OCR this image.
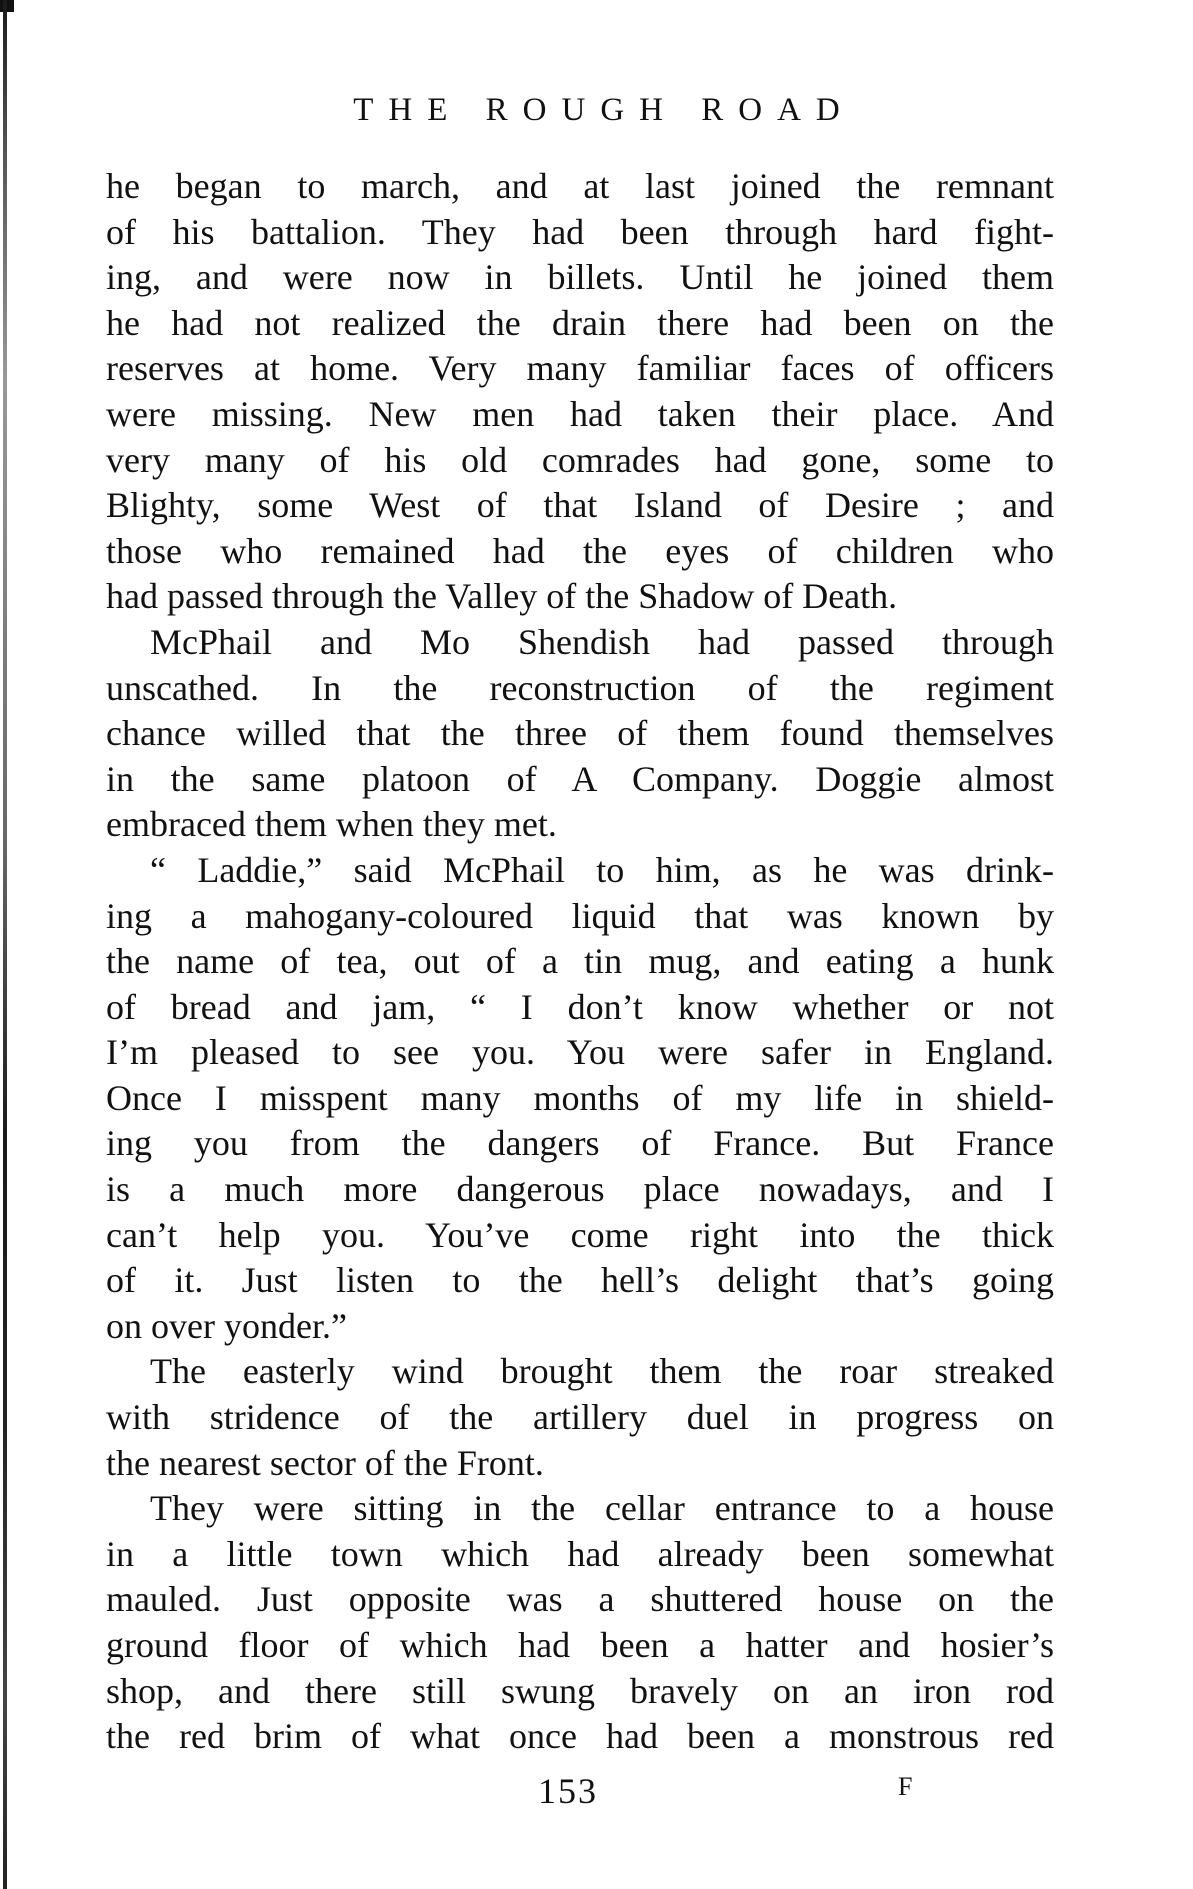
THE ROUGH ROAD
he began to march, and at last joined the remnant
of his battalion. They had been through hard fight-
ing, and were now in billets. Until he joined them
he had not realized the drain there had been on the
reserves at home. Very many familiar faces of officers
were missing. New men had taken their place. And
very many of his old comrades had gone, some to
Blighty, some West of that Island of Desire ; and
those who remained had the eyes of children who
had passed through the Valley of the Shadow of Death.
McPhail and Mo Shendish had passed through
unscathed. In the reconstruction of the regiment
chance willed that the three of them found themselves
in the same platoon of A Company. Doggie almost
embraced them when they met.
“ Laddie,” said McPhail to him, as he was drink-
ing a mahogany-coloured liquid that was known by
the name of tea, out of a tin mug, and eating a hunk
of bread and jam, “ I don’t know whether or not
I’m pleased to see you. You were safer in England.
Once I misspent many months of my life in shield-
ing you from the dangers of France. But France
is a much more dangerous place nowadays, and I
can’t help you. You’ve come right into the thick
of it. Just listen to the hell’s delight that’s going
on over yonder.”
The easterly wind brought them the roar streaked
with stridence of the artillery duel in progress on
the nearest sector of the Front.
They were sitting in the cellar entrance to a house
in a little town which had already been somewhat
mauled. Just opposite was a shuttered house on the
ground floor of which had been a hatter and hosier’s
shop, and there still swung bravely on an iron rod
the red brim of what once had been a monstrous red
153	F
